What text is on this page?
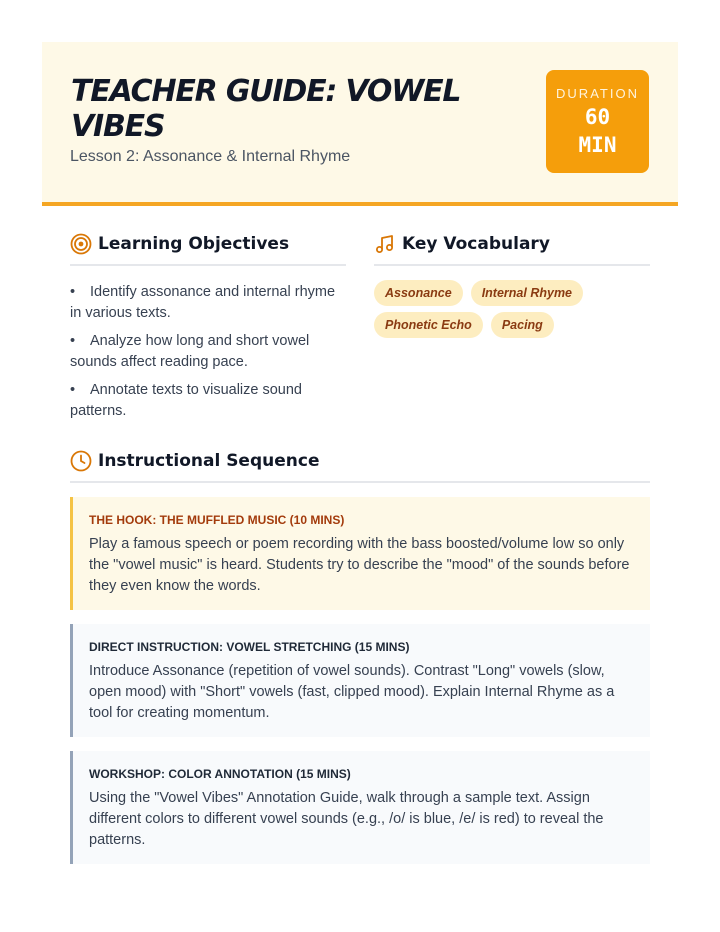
TEACHER GUIDE: VOWEL VIBES
Lesson 2: Assonance & Internal Rhyme
DURATION
60 MIN
Learning Objectives
• Identify assonance and internal rhyme in various texts.
• Analyze how long and short vowel sounds affect reading pace.
• Annotate texts to visualize sound patterns.
Key Vocabulary
Assonance	Internal Rhyme
Phonetic Echo	Pacing
Instructional Sequence
THE HOOK: THE MUFFLED MUSIC (10 MINS)
Play a famous speech or poem recording with the bass boosted/volume low so only the "vowel music" is heard. Students try to describe the "mood" of the sounds before they even know the words.
DIRECT INSTRUCTION: VOWEL STRETCHING (15 MINS)
Introduce Assonance (repetition of vowel sounds). Contrast "Long" vowels (slow, open mood) with "Short" vowels (fast, clipped mood). Explain Internal Rhyme as a tool for creating momentum.
WORKSHOP: COLOR ANNOTATION (15 MINS)
Using the "Vowel Vibes" Annotation Guide, walk through a sample text. Assign different colors to different vowel sounds (e.g., /o/ is blue, /e/ is red) to reveal the patterns.
